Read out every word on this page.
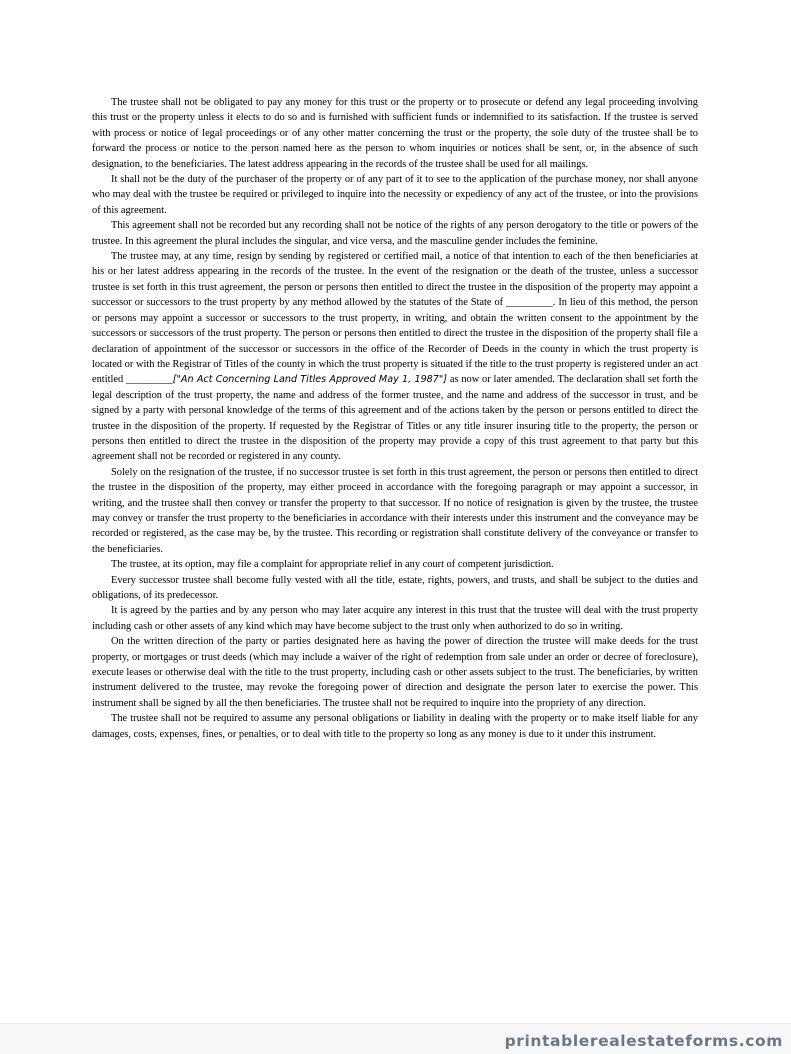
The trustee shall not be obligated to pay any money for this trust or the property or to prosecute or defend any legal proceeding involving this trust or the property unless it elects to do so and is furnished with sufficient funds or indemnified to its satisfaction. If the trustee is served with process or notice of legal proceedings or of any other matter concerning the trust or the property, the sole duty of the trustee shall be to forward the process or notice to the person named here as the person to whom inquiries or notices shall be sent, or, in the absence of such designation, to the beneficiaries. The latest address appearing in the records of the trustee shall be used for all mailings.

It shall not be the duty of the purchaser of the property or of any part of it to see to the application of the purchase money, nor shall anyone who may deal with the trustee be required or privileged to inquire into the necessity or expediency of any act of the trustee, or into the provisions of this agreement.

This agreement shall not be recorded but any recording shall not be notice of the rights of any person derogatory to the title or powers of the trustee. In this agreement the plural includes the singular, and vice versa, and the masculine gender includes the feminine.

The trustee may, at any time, resign by sending by registered or certified mail, a notice of that intention to each of the then beneficiaries at his or her latest address appearing in the records of the trustee. In the event of the resignation or the death of the trustee, unless a successor trustee is set forth in this trust agreement, the person or persons then entitled to direct the trustee in the disposition of the property may appoint a successor or successors to the trust property by any method allowed by the statutes of the State of _________. In lieu of this method, the person or persons may appoint a successor or successors to the trust property, in writing, and obtain the written consent to the appointment by the successors or successors of the trust property. The person or persons then entitled to direct the trustee in the disposition of the property shall file a declaration of appointment of the successor or successors in the office of the Recorder of Deeds in the county in which the trust property is located or with the Registrar of Titles of the county in which the trust property is situated if the title to the trust property is registered under an act entitled _________["An Act Concerning Land Titles Approved May 1, 1987"] as now or later amended. The declaration shall set forth the legal description of the trust property, the name and address of the former trustee, and the name and address of the successor in trust, and be signed by a party with personal knowledge of the terms of this agreement and of the actions taken by the person or persons entitled to direct the trustee in the disposition of the property. If requested by the Registrar of Titles or any title insurer insuring title to the property, the person or persons then entitled to direct the trustee in the disposition of the property may provide a copy of this trust agreement to that party but this agreement shall not be recorded or registered in any county.

Solely on the resignation of the trustee, if no successor trustee is set forth in this trust agreement, the person or persons then entitled to direct the trustee in the disposition of the property, may either proceed in accordance with the foregoing paragraph or may appoint a successor, in writing, and the trustee shall then convey or transfer the property to that successor. If no notice of resignation is given by the trustee, the trustee may convey or transfer the trust property to the beneficiaries in accordance with their interests under this instrument and the conveyance may be recorded or registered, as the case may be, by the trustee. This recording or registration shall constitute delivery of the conveyance or transfer to the beneficiaries.

The trustee, at its option, may file a complaint for appropriate relief in any court of competent jurisdiction.

Every successor trustee shall become fully vested with all the title, estate, rights, powers, and trusts, and shall be subject to the duties and obligations, of its predecessor.

It is agreed by the parties and by any person who may later acquire any interest in this trust that the trustee will deal with the trust property including cash or other assets of any kind which may have become subject to the trust only when authorized to do so in writing.

On the written direction of the party or parties designated here as having the power of direction the trustee will make deeds for the trust property, or mortgages or trust deeds (which may include a waiver of the right of redemption from sale under an order or decree of foreclosure), execute leases or otherwise deal with the title to the trust property, including cash or other assets subject to the trust. The beneficiaries, by written instrument delivered to the trustee, may revoke the foregoing power of direction and designate the person later to exercise the power. This instrument shall be signed by all the then beneficiaries. The trustee shall not be required to inquire into the propriety of any direction.

The trustee shall not be required to assume any personal obligations or liability in dealing with the property or to make itself liable for any damages, costs, expenses, fines, or penalties, or to deal with title to the property so long as any money is due to it under this instrument.

printablerealestateforms.com
